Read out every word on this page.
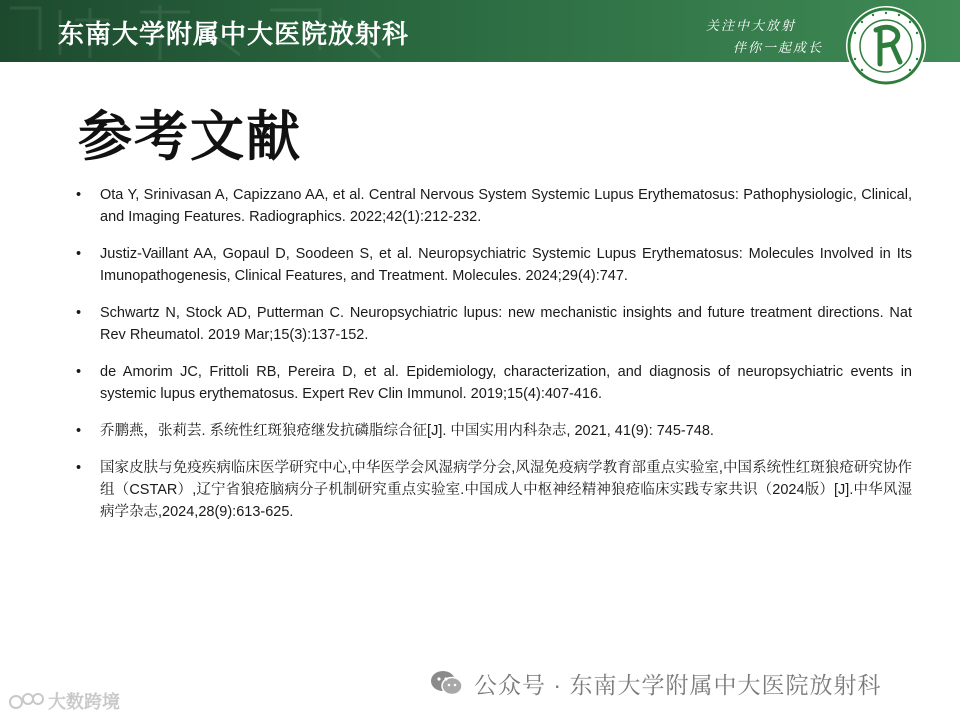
东南大学附属中大医院放射科	关注中大放射
伴你一起成长
参考文献
• Ota Y, Srinivasan A, Capizzano AA, et al. Central Nervous System Systemic Lupus Erythematosus: Pathophysiologic, Clinical, and Imaging Features. Radiographics. 2022;42(1):212-232.
• Justiz-Vaillant AA, Gopaul D, Soodeen S, et al. Neuropsychiatric Systemic Lupus Erythematosus: Molecules Involved in Its Imunopathogenesis, Clinical Features, and Treatment. Molecules. 2024;29(4):747.
• Schwartz N, Stock AD, Putterman C. Neuropsychiatric lupus: new mechanistic insights and future treatment directions. Nat Rev Rheumatol. 2019 Mar;15(3):137-152.
• de Amorim JC, Frittoli RB, Pereira D, et al. Epidemiology, characterization, and diagnosis of neuropsychiatric events in systemic lupus erythematosus. Expert Rev Clin Immunol. 2019;15(4):407-416.
• 乔鹏燕，张莉芸. 系统性红斑狼疮继发抗磷脂综合征[J]. 中国实用内科杂志, 2021, 41(9): 745-748.
• 国家皮肤与免疫疾病临床医学研究中心,中华医学会风湿病学分会,风湿免疫病学教育部重点实验室,中国系统性红斑狼疮研究协作组（CSTAR）,辽宁省狼疮脑病分子机制研究重点实验室.中国成人中枢神经精神狼疮临床实践专家共识（2024版）[J].中华风湿病学杂志,2024,28(9):613-625.
公众号 · 东南大学附属中大医院放射科
大数跨境
